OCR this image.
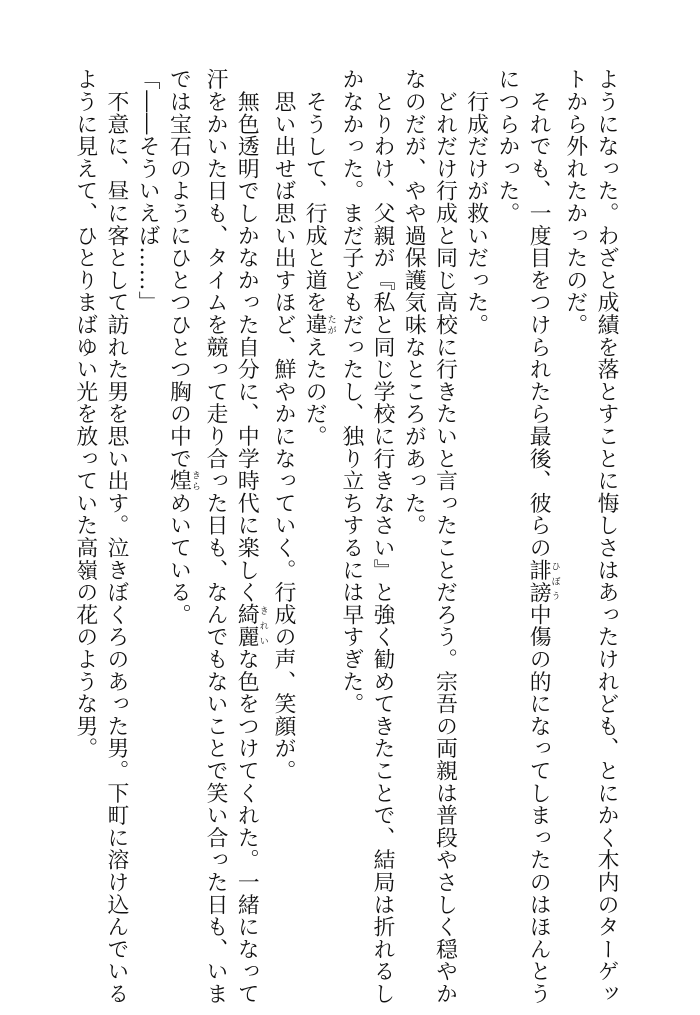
ようになった。わざと成績を落とすことに悔しさはあったけれども、とにかく木内のターゲッ
トから外れたかったのだ。
　それでも、一度目をつけられたら最後、彼らの誹謗ひぼう中傷の的になってしまったのはほんとう
につらかった。
　行成だけが救いだった。
　どれだけ行成と同じ高校に行きたいと言ったことだろう。宗吾の両親は普段やさしく穏やか
なのだが、やや過保護気味なところがあった。
　とりわけ、父親が『私と同じ学校に行きなさい』と強く勧めてきたことで、結局は折れるし
かなかった。まだ子どもだったし、独り立ちするには早すぎた。
　そうして、行成と道を違たがえたのだ。
　思い出せば思い出すほど、鮮やかになっていく。行成の声、笑顔が。
　無色透明でしかなかった自分に、中学時代に楽しく綺麗きれいな色をつけてくれた。一緒になって
汗をかいた日も、タイムを競って走り合った日も、なんでもないことで笑い合った日も、いま
では宝石のようにひとつひとつ胸の中で煌きらめいている。
「――そういえば……」
　不意に、昼に客として訪れた男を思い出す。泣きぼくろのあった男。下町に溶け込んでいる
ように見えて、ひとりまばゆい光を放っていた高嶺の花のような男。
